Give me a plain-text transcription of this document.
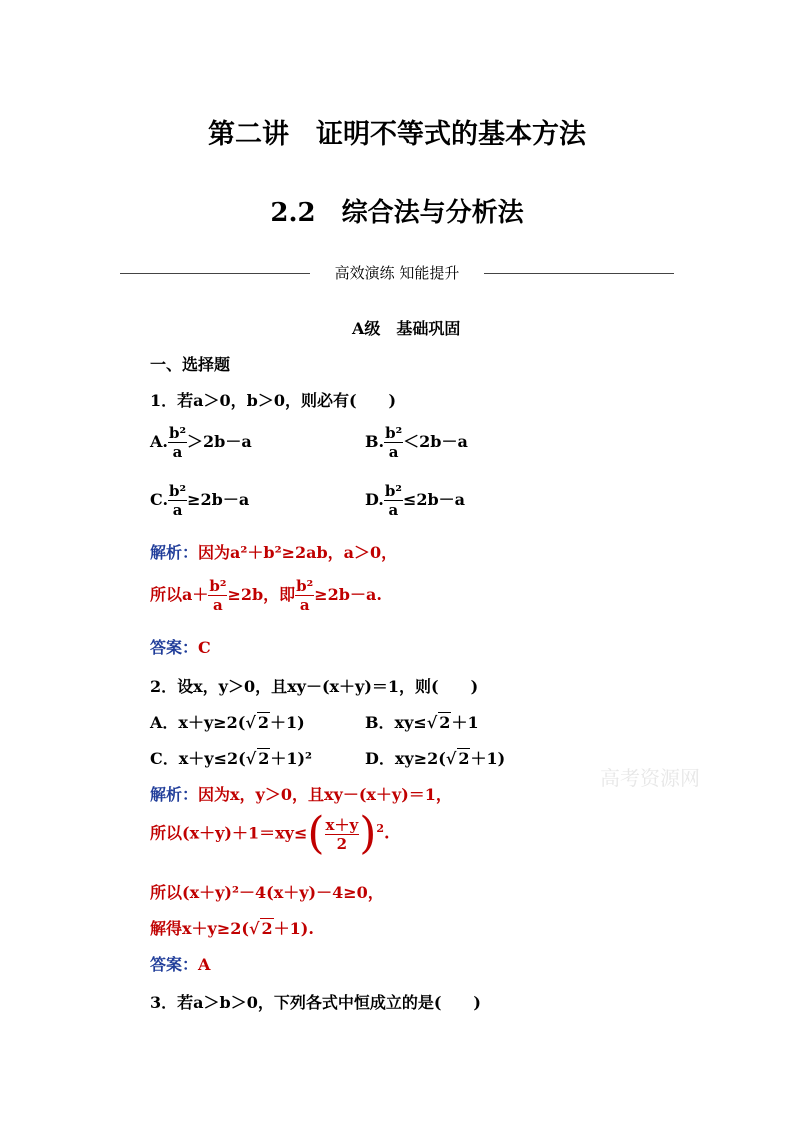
第二讲　证明不等式的基本方法
2.2　综合法与分析法
高效演练 知能提升
A级　基础巩固
一、选择题
1．若a＞0，b＞0，则必有(　　)
A. $\frac{\text{b²}}{a} >2b-a$	B. $\frac{\text{b²}}{a} <2b-a$
C. $\frac{\text{b²}}{a} \ge 2b-a$	D. $\frac{\text{b²}}{a} \le 2b-a$
解析：因为a²＋b²≥2ab，a＞0，
所以$a+ \frac{\text{b²}}{a} \ge 2b$，即 $\frac{\text{b²}}{a} \ge 2b-a$.
答案：C
2．设x，y＞0，且xy－(x＋y)＝1，则(　　)
A．x＋y≥2(√ 2＋1)	B．xy≤√ 2＋1
C．x＋y≤2(√ 2＋1)²	D．xy≥2(√ 2＋1)
解析：因为x，y＞0，且xy－(x＋y)＝1，
所以$(x+y)+1=xy\le( \frac{x+y}{2} )^2$.
所以(x＋y)²－4(x＋y)－4≥0，
解得x＋y≥2(√ 2＋1).
答案：A
3．若a＞b＞0，下列各式中恒成立的是(　　)
高考资源网
